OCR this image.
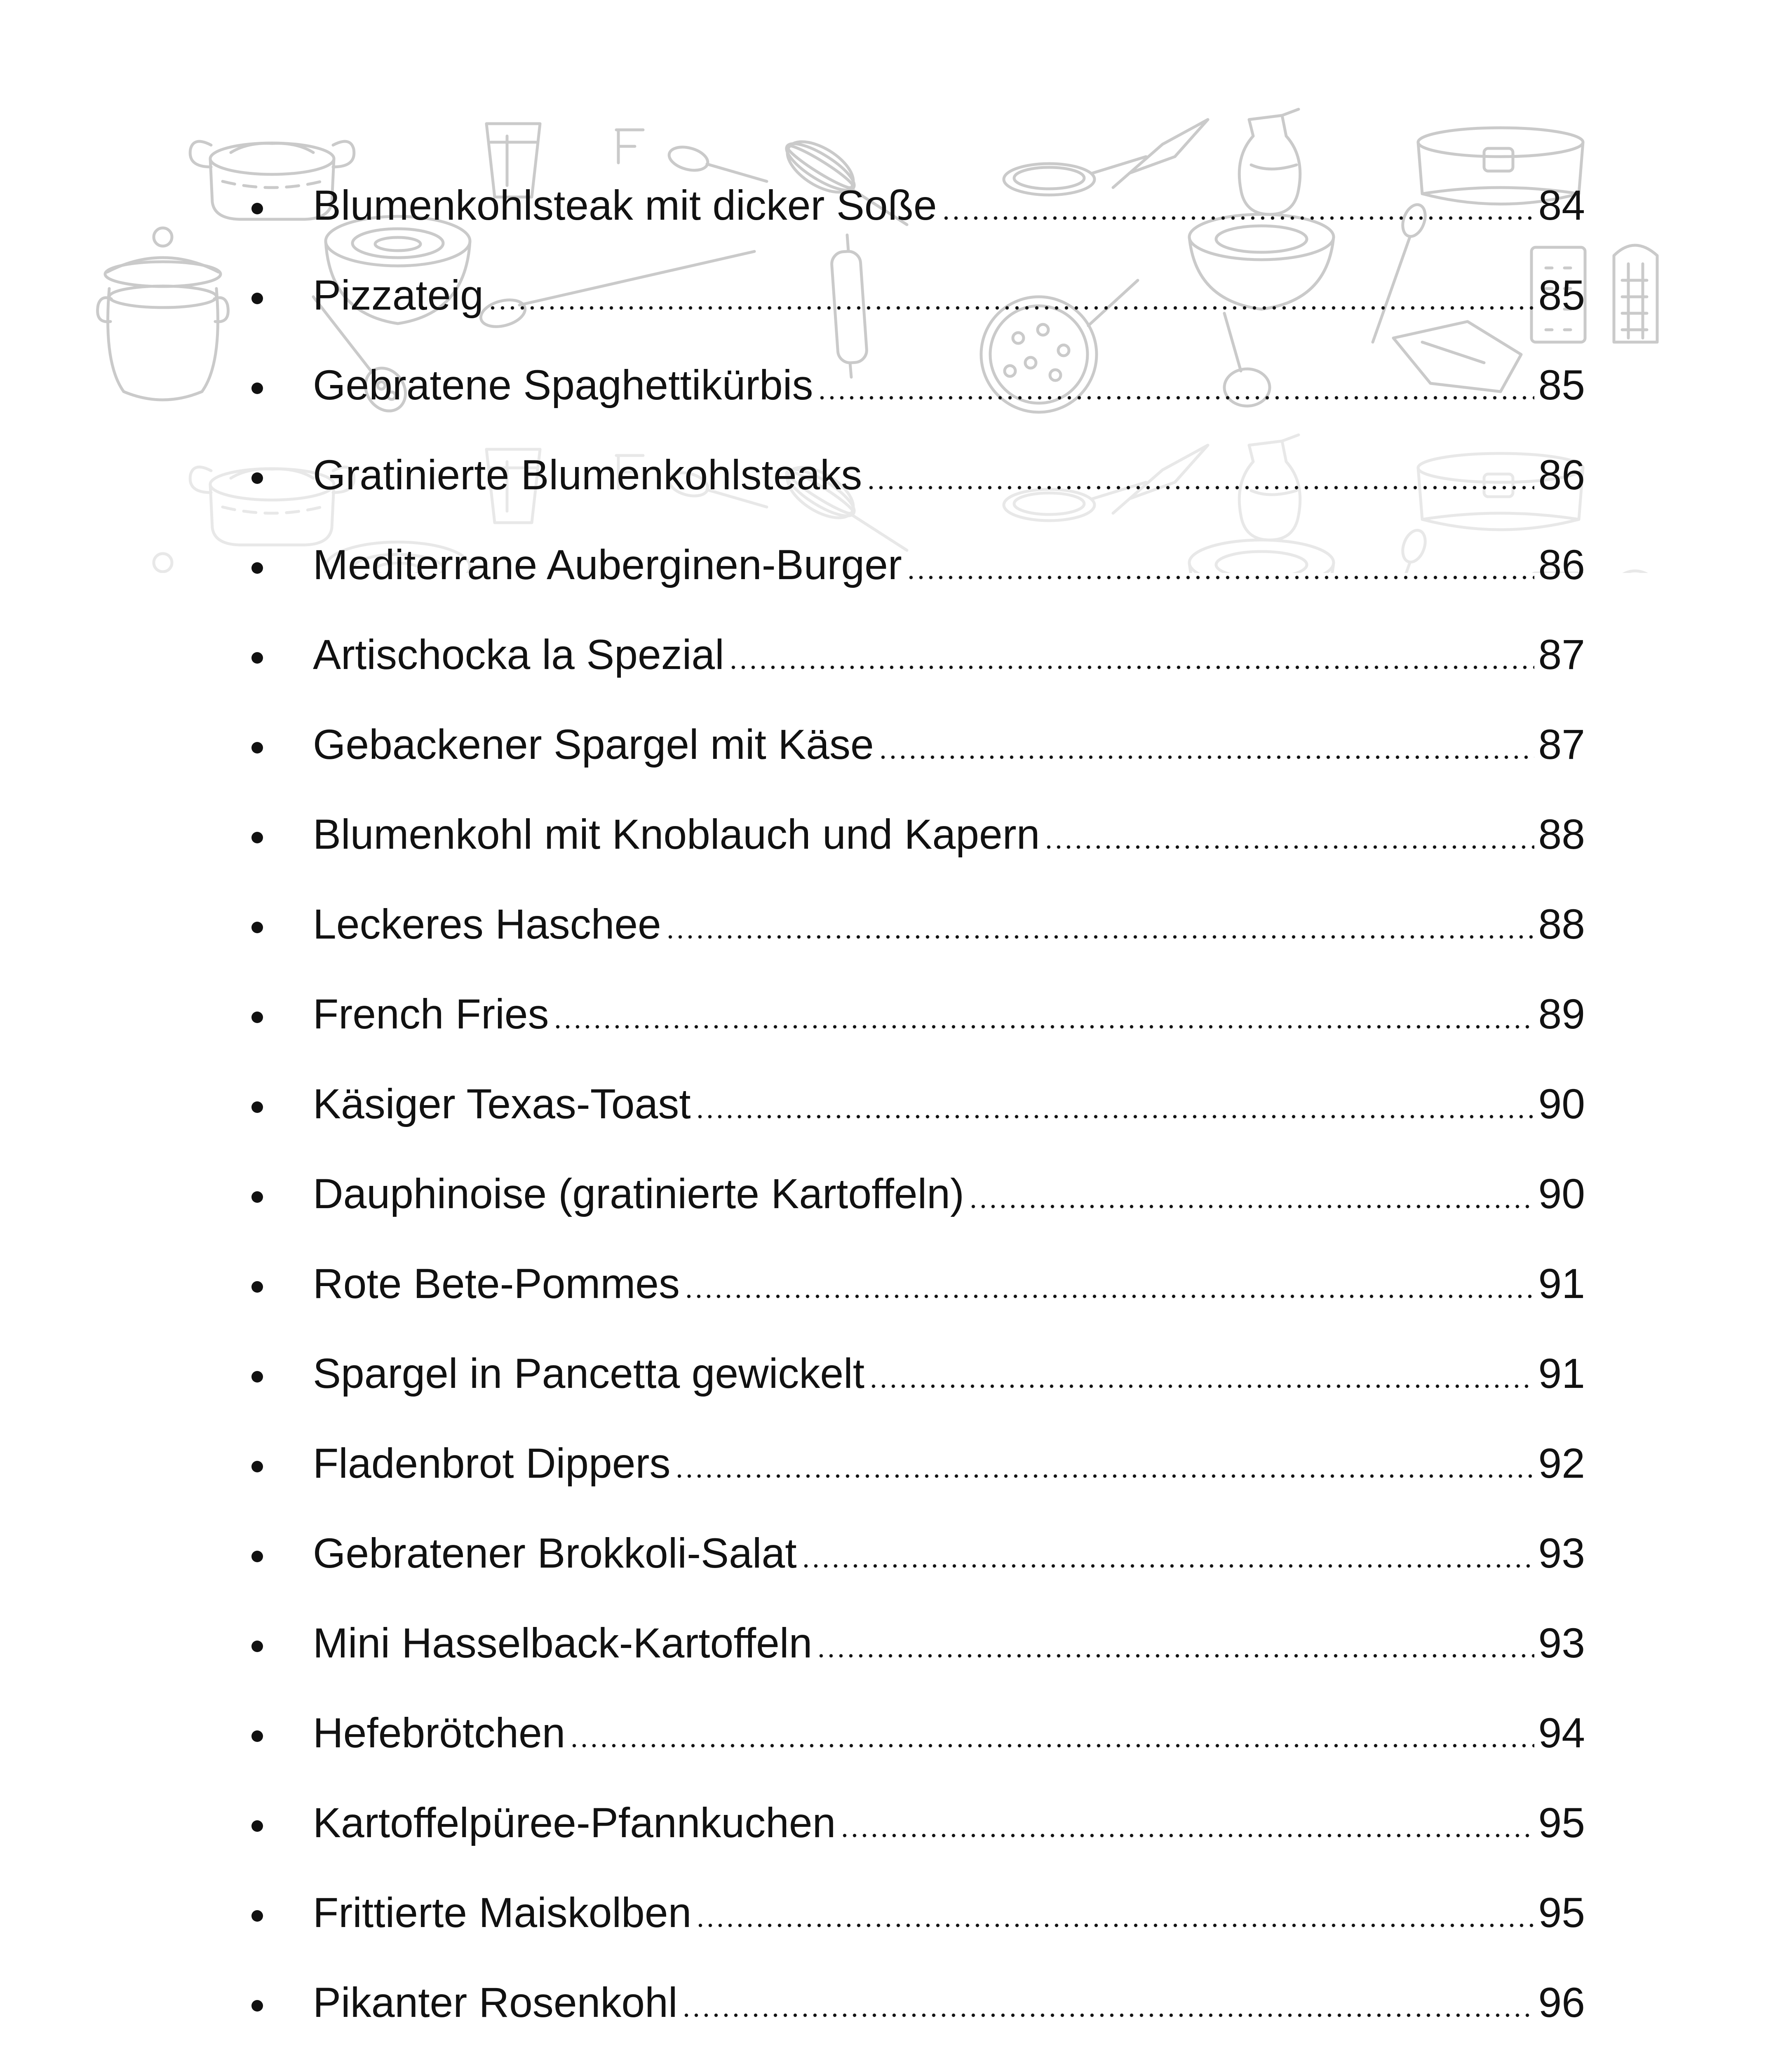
Blumenkohlsteak mit dicker Soße	84
Pizzateig	85
Gebratene Spaghettikürbis	85
Gratinierte Blumenkohlsteaks	86
Mediterrane Auberginen-Burger	86
Artischocka la Spezial	87
Gebackener Spargel mit Käse	87
Blumenkohl mit Knoblauch und Kapern	88
Leckeres Haschee	88
French Fries	89
Käsiger Texas-Toast	90
Dauphinoise (gratinierte Kartoffeln)	90
Rote Bete-Pommes	91
Spargel in Pancetta gewickelt	91
Fladenbrot Dippers	92
Gebratener Brokkoli-Salat	93
Mini Hasselback-Kartoffeln	93
Hefebrötchen	94
Kartoffelpüree-Pfannkuchen	95
Frittierte Maiskolben	95
Pikanter Rosenkohl	96
